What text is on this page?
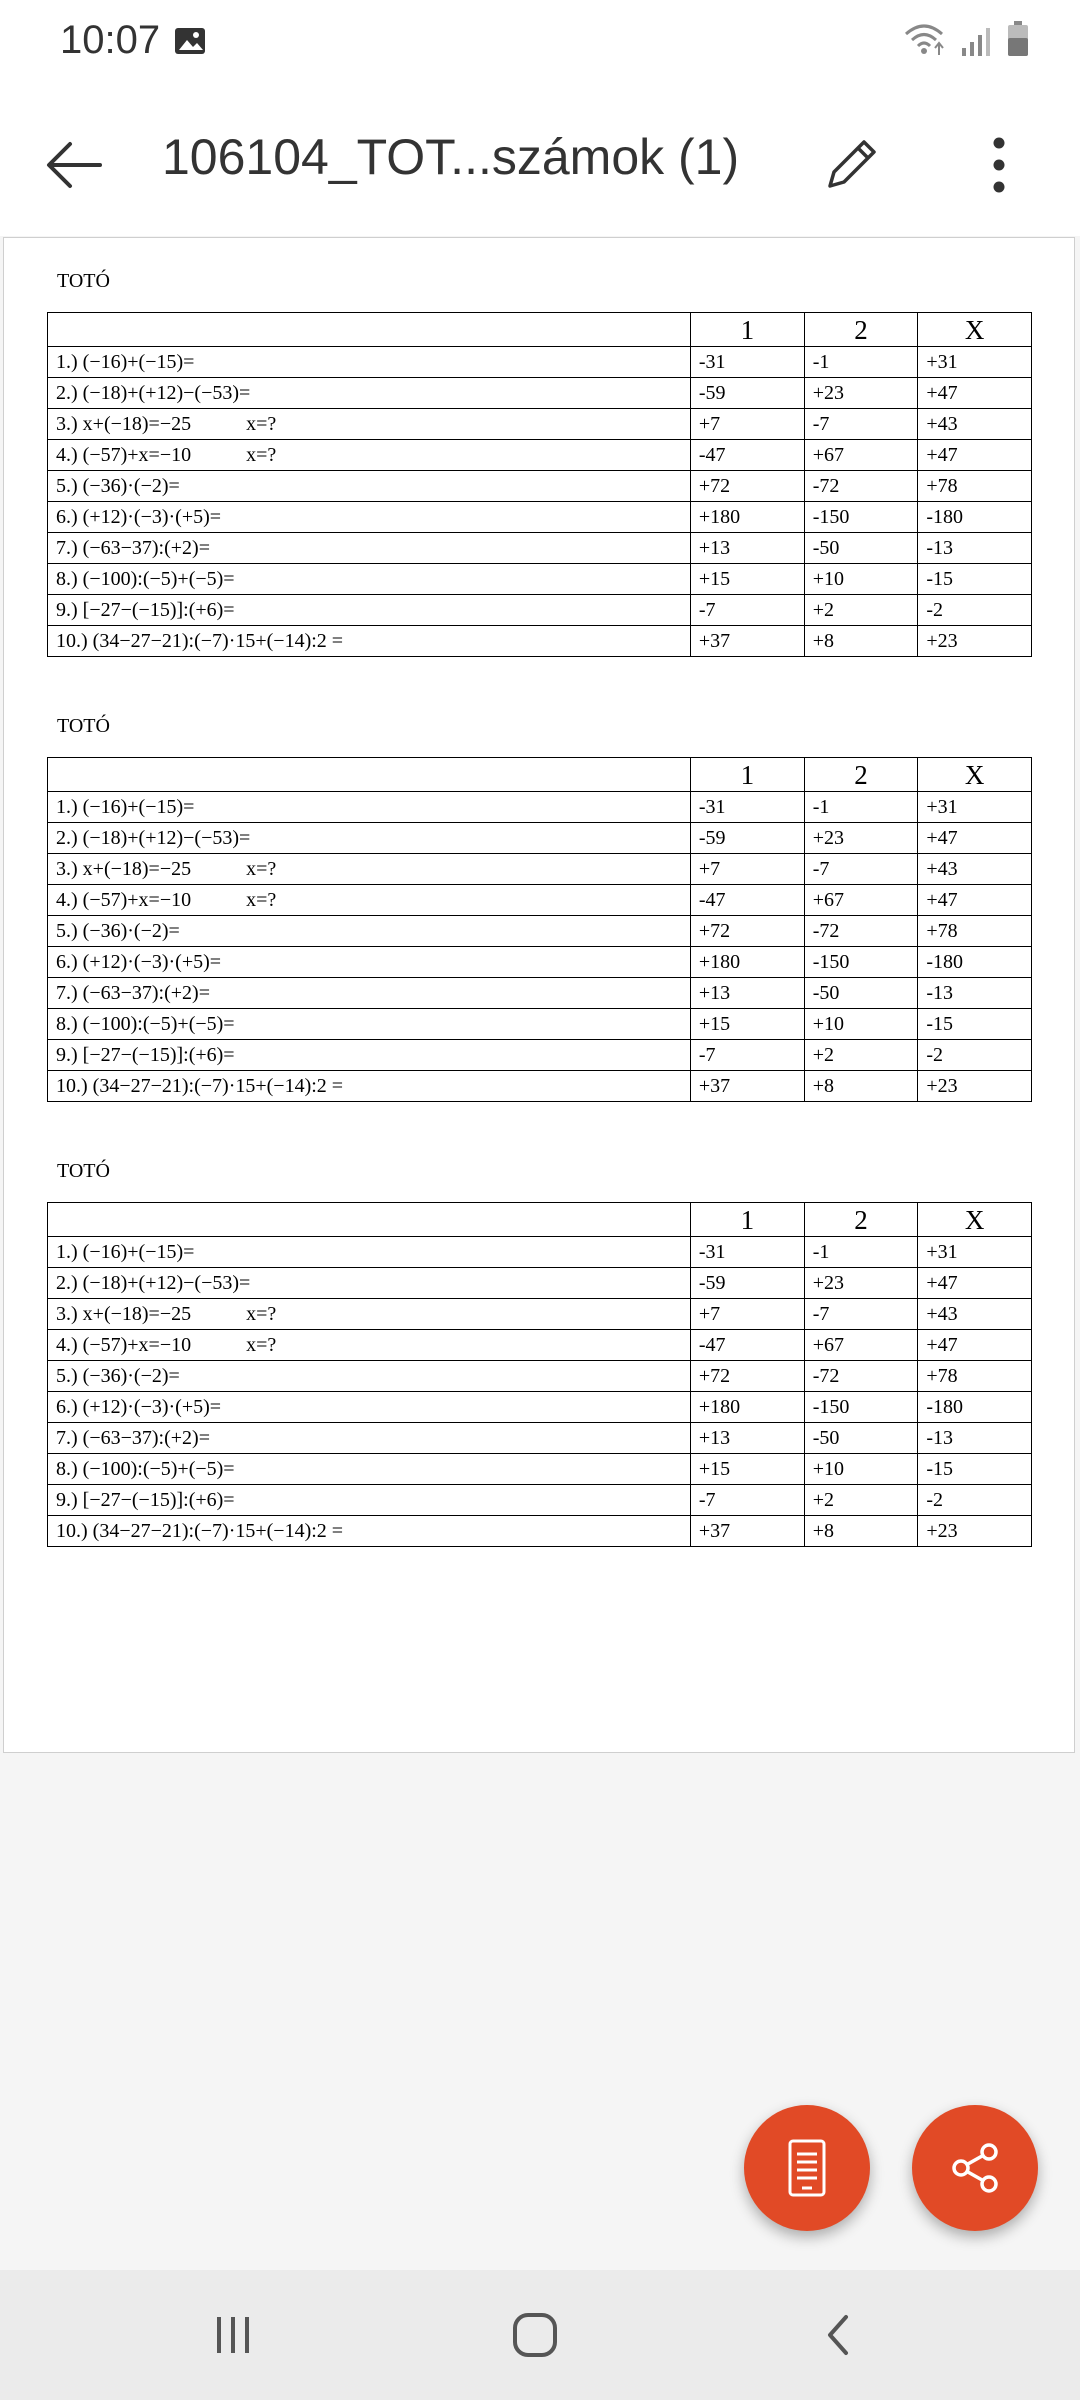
10:07
106104_TOT...számok (1)
TOTÓ
	1	2	X
1.) (−16)+(−15)=	-31	-1	+31
2.) (−18)+(+12)−(−53)=	-59	+23	+47
3.) x+(−18)=−25           x=?	+7	-7	+43
4.) (−57)+x=−10           x=?	-47	+67	+47
5.) (−36)·(−2)=	+72	-72	+78
6.) (+12)·(−3)·(+5)=	+180	-150	-180
7.) (−63−37):(+2)=	+13	-50	-13
8.) (−100):(−5)+(−5)=	+15	+10	-15
9.) [−27−(−15)]:(+6)=	-7	+2	-2
10.) (34−27−21):(−7)·15+(−14):2 =	+37	+8	+23
TOTÓ
	1	2	X
1.) (−16)+(−15)=	-31	-1	+31
2.) (−18)+(+12)−(−53)=	-59	+23	+47
3.) x+(−18)=−25           x=?	+7	-7	+43
4.) (−57)+x=−10           x=?	-47	+67	+47
5.) (−36)·(−2)=	+72	-72	+78
6.) (+12)·(−3)·(+5)=	+180	-150	-180
7.) (−63−37):(+2)=	+13	-50	-13
8.) (−100):(−5)+(−5)=	+15	+10	-15
9.) [−27−(−15)]:(+6)=	-7	+2	-2
10.) (34−27−21):(−7)·15+(−14):2 =	+37	+8	+23
TOTÓ
	1	2	X
1.) (−16)+(−15)=	-31	-1	+31
2.) (−18)+(+12)−(−53)=	-59	+23	+47
3.) x+(−18)=−25           x=?	+7	-7	+43
4.) (−57)+x=−10           x=?	-47	+67	+47
5.) (−36)·(−2)=	+72	-72	+78
6.) (+12)·(−3)·(+5)=	+180	-150	-180
7.) (−63−37):(+2)=	+13	-50	-13
8.) (−100):(−5)+(−5)=	+15	+10	-15
9.) [−27−(−15)]:(+6)=	-7	+2	-2
10.) (34−27−21):(−7)·15+(−14):2 =	+37	+8	+23
